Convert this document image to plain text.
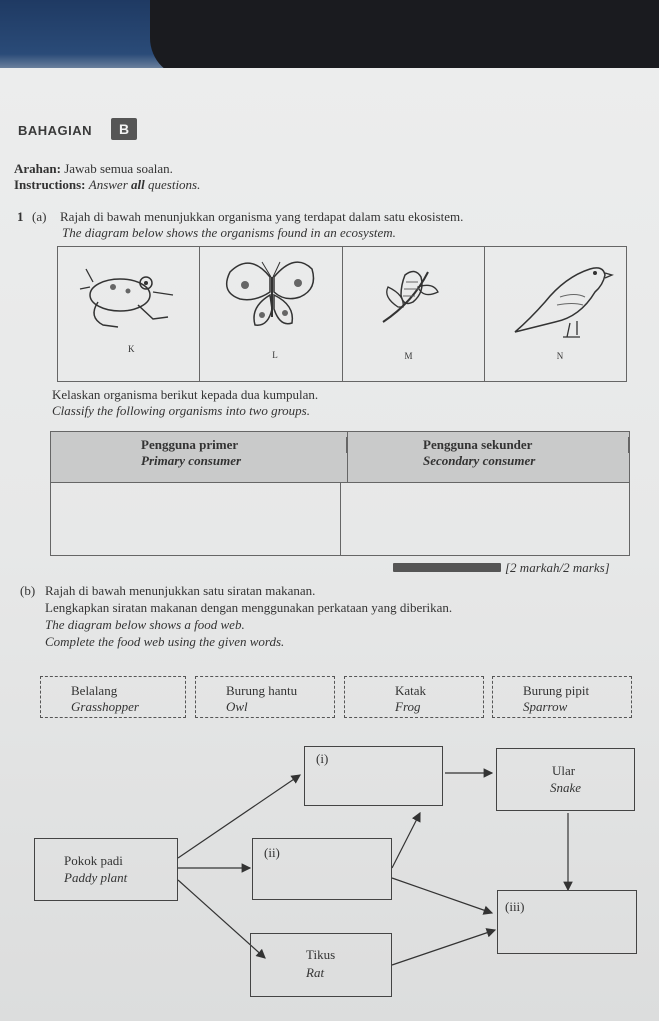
BAHAGIAN	B
Arahan: Jawab semua soalan.
Instructions: Answer all questions.
1 (a) Rajah di bawah menunjukkan organisma yang terdapat dalam satu ekosistem.
The diagram below shows the organisms found in an ecosystem.
K
L	M	N
Kelaskan organisma berikut kepada dua kumpulan.
Classify the following organisms into two groups.
Pengguna primer
Primary consumer
Pengguna sekunder
Secondary consumer
[2 markah/2 marks]
(b) Rajah di bawah menunjukkan satu siratan makanan.
Lengkapkan siratan makanan dengan menggunakan perkataan yang diberikan.
The diagram below shows a food web.
Complete the food web using the given words.
Belalang
Grasshopper
Burung hantu
Owl
Katak
Frog
Burung pipit
Sparrow
(i)
Ular
Snake
Pokok padi
Paddy plant
(ii)
(iii)
Tikus
Rat
